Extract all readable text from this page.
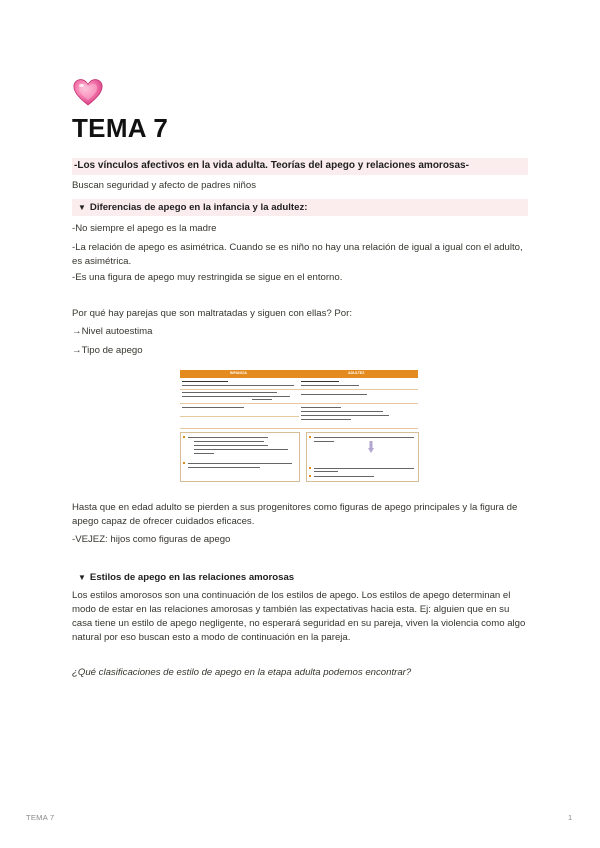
TEMA 7
-Los vínculos afectivos en la vida adulta. Teorías del apego y relaciones amorosas-

Buscan seguridad y afecto de padres niños

▼ Diferencias de apego en la infancia y la adultez:

-No siempre el apego es la madre

-La relación de apego es asimétrica. Cuando se es niño no hay una relación de igual a igual con el adulto, es asimétrica.

-Es una figura de apego muy restringida se sigue en el entorno.

Por qué hay parejas que son maltratadas y siguen con ellas? Por:

→Nivel autoestima

→Tipo de apego

INFANCIA	ADULTEZ

Hasta que en edad adulto se pierden a sus progenitores como figuras de apego principales y la figura de apego capaz de ofrecer cuidados eficaces.

-VEJEZ: hijos como figuras de apego

▼ Estilos de apego en las relaciones amorosas

Los estilos amorosos son una continuación de los estilos de apego. Los estilos de apego determinan el modo de estar en las relaciones amorosas y también las expectativas hacia esta. Ej: alguien que en su casa tiene un estilo de apego negligente, no esperará seguridad en su pareja, viven la violencia como algo natural por eso buscan esto a modo de continuación en la pareja.

¿Qué clasificaciones de estilo de apego en la etapa adulta podemos encontrar?

TEMA 7	1
